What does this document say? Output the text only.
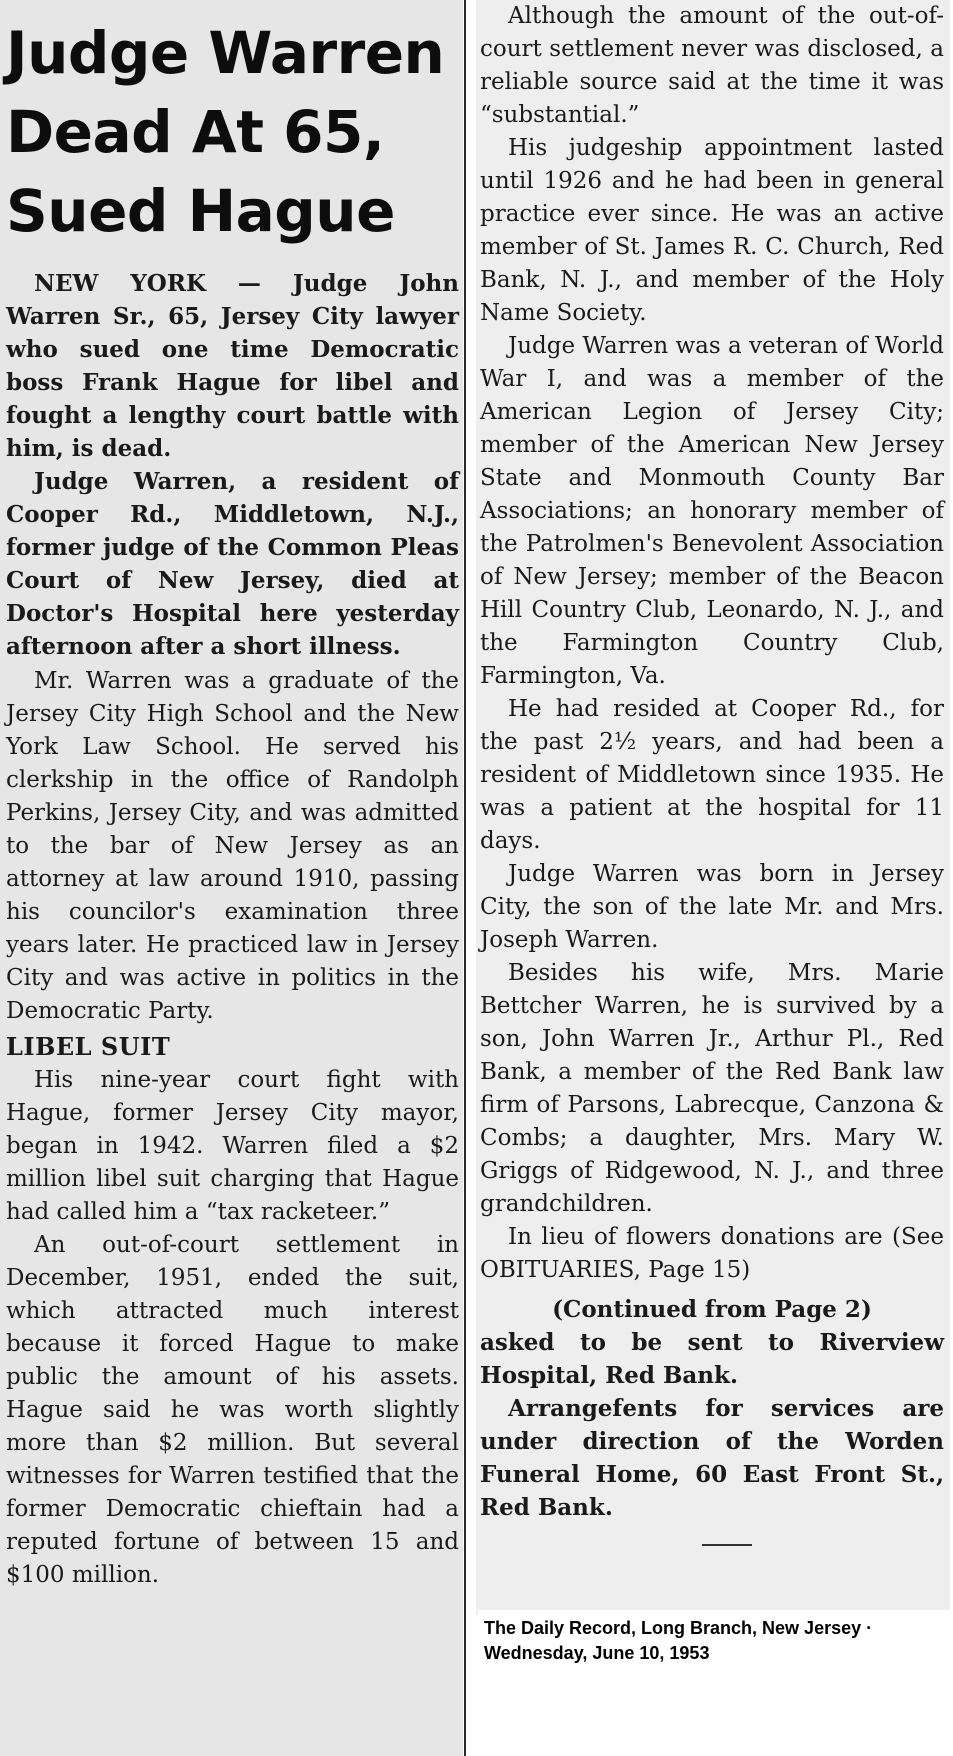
Judge Warren
Dead At 65,
Sued Hague

NEW YORK — Judge John Warren Sr., 65, Jersey City lawyer who sued one time Democratic boss Frank Hague for libel and fought a lengthy court battle with him, is dead.

Judge Warren, a resident of Cooper Rd., Middletown, N.J., former judge of the Common Pleas Court of New Jersey, died at Doctor's Hospital here yesterday afternoon after a short illness.

Mr. Warren was a graduate of the Jersey City High School and the New York Law School. He served his clerkship in the office of Randolph Perkins, Jersey City, and was admitted to the bar of New Jersey as an attorney at law around 1910, passing his councilor's examination three years later. He practiced law in Jersey City and was active in politics in the Democratic Party.

LIBEL SUIT

His nine-year court fight with Hague, former Jersey City mayor, began in 1942. Warren filed a $2 million libel suit charging that Hague had called him a “tax racketeer.”

An out-of-court settlement in December, 1951, ended the suit, which attracted much interest because it forced Hague to make public the amount of his assets. Hague said he was worth slightly more than $2 million. But several witnesses for Warren testified that the former Democratic chieftain had a reputed fortune of between 15 and $100 million.

Although the amount of the out-of-court settlement never was disclosed, a reliable source said at the time it was “substantial.”

His judgeship appointment lasted until 1926 and he had been in general practice ever since. He was an active member of St. James R. C. Church, Red Bank, N. J., and member of the Holy Name Society.

Judge Warren was a veteran of World War I, and was a member of the American Legion of Jersey City; member of the American New Jersey State and Monmouth County Bar Associations; an honorary member of the Patrolmen's Benevolent Association of New Jersey; member of the Beacon Hill Country Club, Leonardo, N. J., and the Farmington Country Club, Farmington, Va.

He had resided at Cooper Rd., for the past 2½ years, and had been a resident of Middletown since 1935. He was a patient at the hospital for 11 days.

Judge Warren was born in Jersey City, the son of the late Mr. and Mrs. Joseph Warren.

Besides his wife, Mrs. Marie Bettcher Warren, he is survived by a son, John Warren Jr., Arthur Pl., Red Bank, a member of the Red Bank law firm of Parsons, Labrecque, Canzona & Combs; a daughter, Mrs. Mary W. Griggs of Ridgewood, N. J., and three grandchildren.

In lieu of flowers donations are (See OBITUARIES, Page 15)

(Continued from Page 2)

asked to be sent to Riverview Hospital, Red Bank.

Arrangefents for services are under direction of the Worden Funeral Home, 60 East Front St., Red Bank.

The Daily Record, Long Branch, New Jersey ·
Wednesday, June 10, 1953
